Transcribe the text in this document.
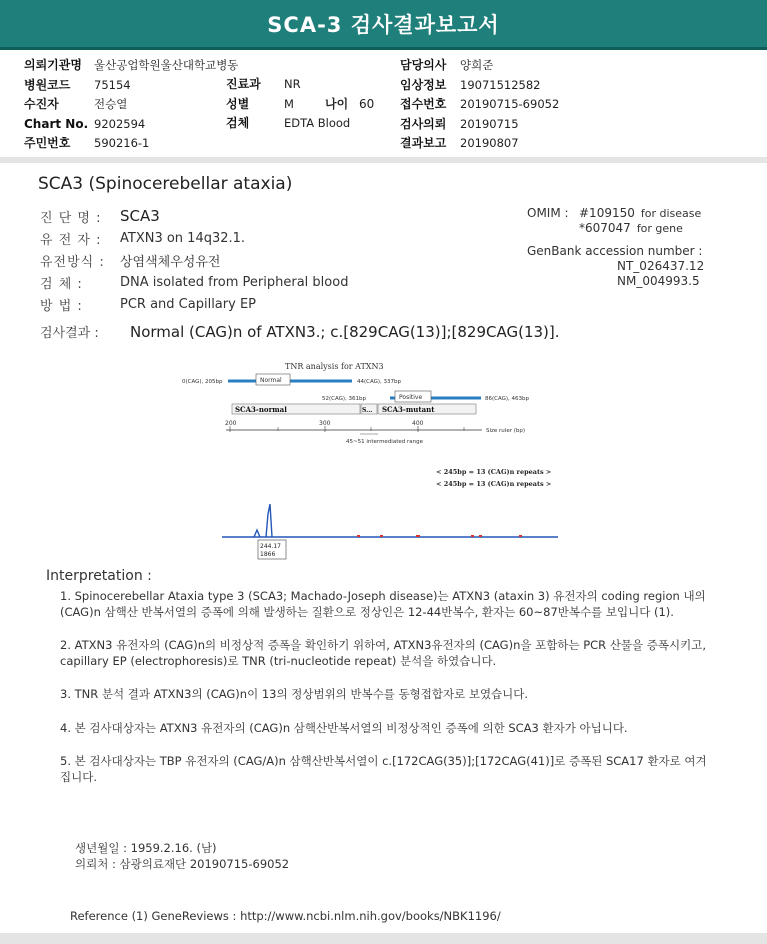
SCA-3 검사결과보고서
의뢰기관명	울산공업학원울산대학교병동
병원코드	75154
수진자	전승열
Chart No. 9202594
주민번호	590216-1
진료과	NR
성별	M
검체	EDTA Blood
나이 60
담당의사	양희준
임상정보	19071512582
접수번호	20190715-69052
검사의뢰	20190715
결과보고	20190807
SCA3 (Spinocerebellar ataxia)
진 단 명 :	SCA3
유 전 자 :	ATXN3 on 14q32.1.
유전방식 :	상염색체우성유전
검 체 :	DNA isolated from Peripheral blood
방 법 :	PCR and Capillary EP
OMIM : #109150 for disease
*607047 for gene
GenBank accession number :
NT_026437.12
NM_004993.5
검사결과 : Normal (CAG)n of ATXN3.; c.[829CAG(13)];[829CAG(13)].
TNR analysis for ATXN3
Normal
0(CAG), 205bp	44(CAG), 337bp
Positive
52(CAG), 361bp	86(CAG), 463bp
SCA3-normal	S... SCA3-mutant
200	300	400
Size ruler (bp)
45~51 intermediated range
< 245bp = 13 (CAG)n repeats >
< 245bp = 13 (CAG)n repeats >
244.17
1866
Interpretation :

1. Spinocerebellar Ataxia type 3 (SCA3; Machado-Joseph disease)는 ATXN3 (ataxin 3) 유전자의 coding region 내의 (CAG)n 삼핵산 반복서열의 증폭에 의해 발생하는 질환으로 정상인은 12-44반복수, 환자는 60~87반복수를 보입니다 (1).

2. ATXN3 유전자의 (CAG)n의 비정상적 증폭을 확인하기 위하여, ATXN3유전자의 (CAG)n을 포함하는 PCR 산물을 증폭시키고, capillary EP (electrophoresis)로 TNR (tri-nucleotide repeat) 분석을 하였습니다.

3. TNR 분석 결과 ATXN3의 (CAG)n이 13의 정상범위의 반복수를 동형접합자로 보였습니다.

4. 본 검사대상자는 ATXN3 유전자의 (CAG)n 삼핵산반복서열의 비정상적인 증폭에 의한 SCA3 환자가 아닙니다.

5. 본 검사대상자는 TBP 유전자의 (CAG/A)n 삼핵산반복서열이 c.[172CAG(35)];[172CAG(41)]로 증폭된 SCA17 환자로 여겨집니다.

생년월일 : 1959.2.16. (남)
의뢰처 : 삼광의료재단 20190715-69052
Reference (1) GeneReviews : http://www.ncbi.nlm.nih.gov/books/NBK1196/
